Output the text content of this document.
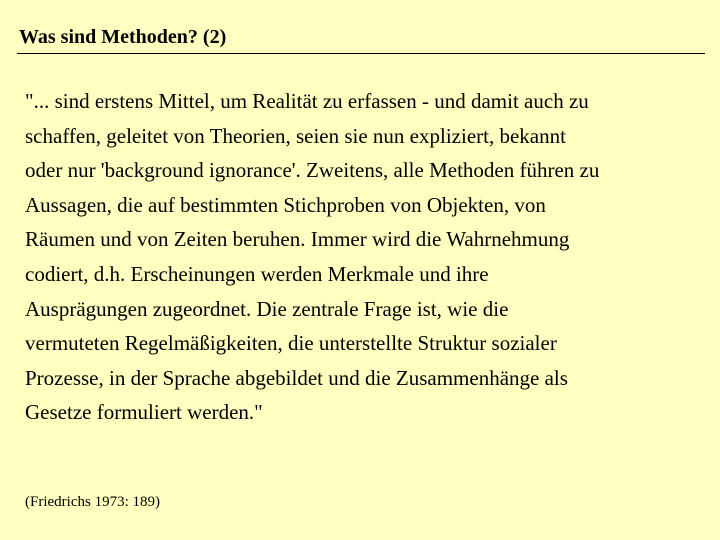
Was sind Methoden? (2)
"... sind erstens Mittel, um Realität zu erfassen - und damit auch zu
schaffen, geleitet von Theorien, seien sie nun expliziert, bekannt
oder nur 'background ignorance'. Zweitens, alle Methoden führen zu
Aussagen, die auf bestimmten Stichproben von Objekten, von
Räumen und von Zeiten beruhen. Immer wird die Wahrnehmung
codiert, d.h. Erscheinungen werden Merkmale und ihre
Ausprägungen zugeordnet. Die zentrale Frage ist, wie die
vermuteten Regelmäßigkeiten, die unterstellte Struktur sozialer
Prozesse, in der Sprache abgebildet und die Zusammenhänge als
Gesetze formuliert werden."
(Friedrichs 1973: 189)
